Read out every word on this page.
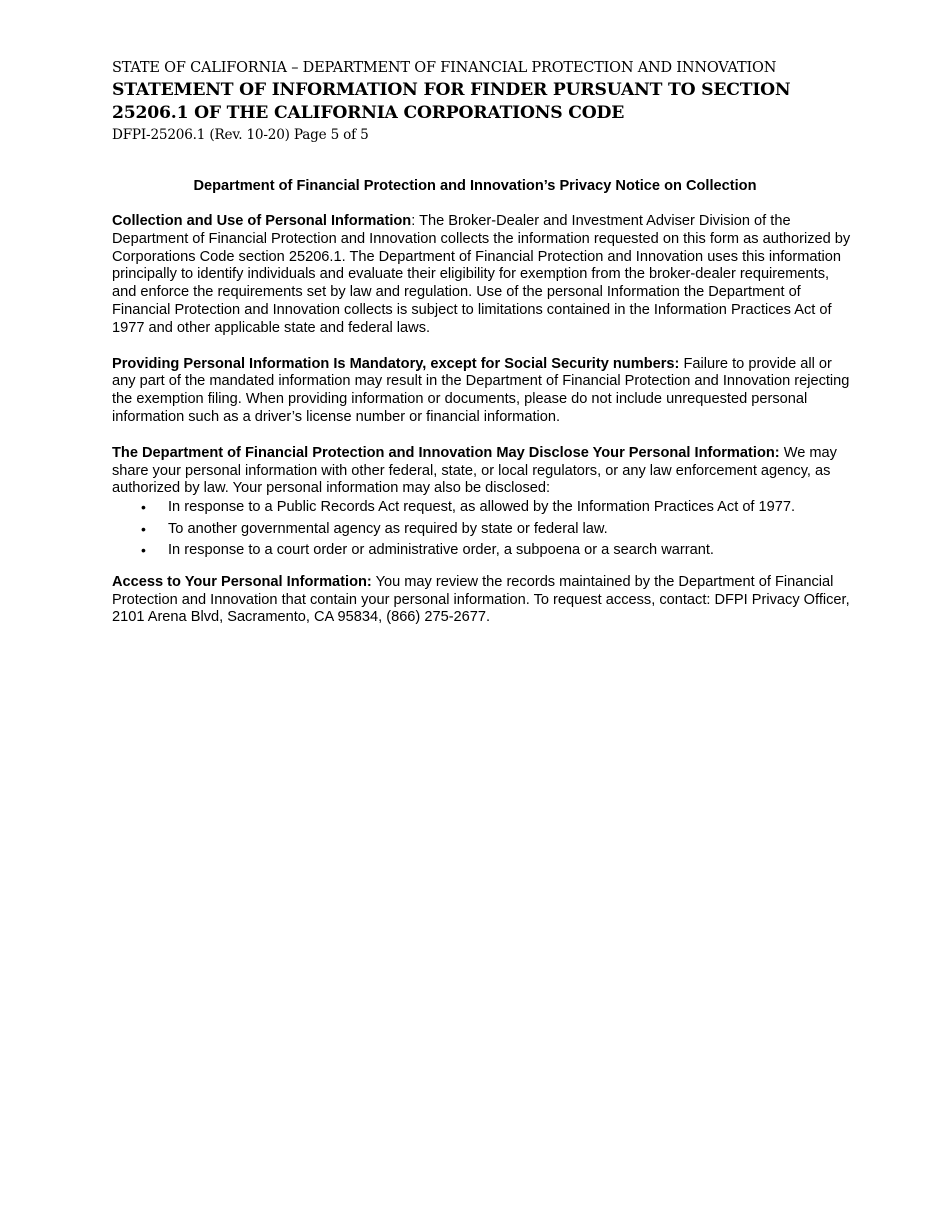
STATE OF CALIFORNIA – DEPARTMENT OF FINANCIAL PROTECTION AND INNOVATION
STATEMENT OF INFORMATION FOR FINDER PURSUANT TO SECTION 25206.1 OF THE CALIFORNIA CORPORATIONS CODE
DFPI-25206.1 (Rev. 10-20) Page 5 of 5
Department of Financial Protection and Innovation’s Privacy Notice on Collection
Collection and Use of Personal Information: The Broker-Dealer and Investment Adviser Division of the Department of Financial Protection and Innovation collects the information requested on this form as authorized by Corporations Code section 25206.1. The Department of Financial Protection and Innovation uses this information principally to identify individuals and evaluate their eligibility for exemption from the broker-dealer requirements, and enforce the requirements set by law and regulation. Use of the personal Information the Department of Financial Protection and Innovation collects is subject to limitations contained in the Information Practices Act of 1977 and other applicable state and federal laws.
Providing Personal Information Is Mandatory, except for Social Security numbers: Failure to provide all or any part of the mandated information may result in the Department of Financial Protection and Innovation rejecting the exemption filing. When providing information or documents, please do not include unrequested personal information such as a driver’s license number or financial information.
The Department of Financial Protection and Innovation May Disclose Your Personal Information: We may share your personal information with other federal, state, or local regulators, or any law enforcement agency, as authorized by law. Your personal information may also be disclosed:
• In response to a Public Records Act request, as allowed by the Information Practices Act of 1977.
• To another governmental agency as required by state or federal law.
• In response to a court order or administrative order, a subpoena or a search warrant.
Access to Your Personal Information: You may review the records maintained by the Department of Financial Protection and Innovation that contain your personal information. To request access, contact: DFPI Privacy Officer, 2101 Arena Blvd, Sacramento, CA 95834, (866) 275-2677.
